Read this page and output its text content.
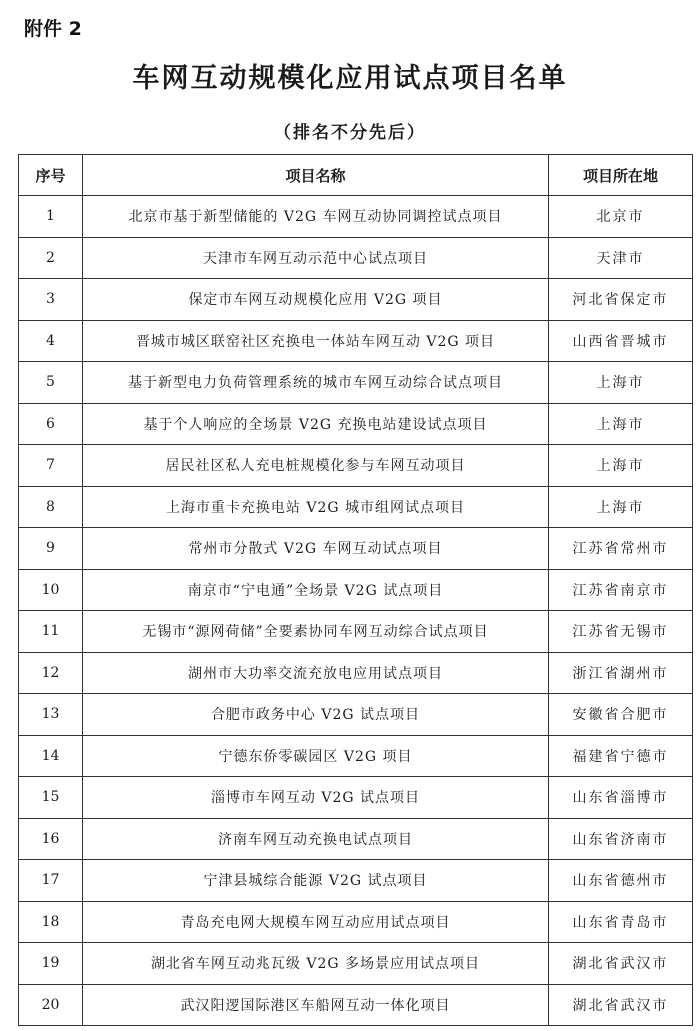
附件 2
车网互动规模化应用试点项目名单
（排名不分先后）
序号	项目名称	项目所在地
1	北京市基于新型储能的 V2G 车网互动协同调控试点项目	北京市
2	天津市车网互动示范中心试点项目	天津市
3	保定市车网互动规模化应用 V2G 项目	河北省保定市
4	晋城市城区联窑社区充换电一体站车网互动 V2G 项目	山西省晋城市
5	基于新型电力负荷管理系统的城市车网互动综合试点项目	上海市
6	基于个人响应的全场景 V2G 充换电站建设试点项目	上海市
7	居民社区私人充电桩规模化参与车网互动项目	上海市
8	上海市重卡充换电站 V2G 城市组网试点项目	上海市
9	常州市分散式 V2G 车网互动试点项目	江苏省常州市
10	南京市“宁电通”全场景 V2G 试点项目	江苏省南京市
11	无锡市“源网荷储”全要素协同车网互动综合试点项目	江苏省无锡市
12	湖州市大功率交流充放电应用试点项目	浙江省湖州市
13	合肥市政务中心 V2G 试点项目	安徽省合肥市
14	宁德东侨零碳园区 V2G 项目	福建省宁德市
15	淄博市车网互动 V2G 试点项目	山东省淄博市
16	济南车网互动充换电试点项目	山东省济南市
17	宁津县城综合能源 V2G 试点项目	山东省德州市
18	青岛充电网大规模车网互动应用试点项目	山东省青岛市
19	湖北省车网互动兆瓦级 V2G 多场景应用试点项目	湖北省武汉市
20	武汉阳逻国际港区车船网互动一体化项目	湖北省武汉市
